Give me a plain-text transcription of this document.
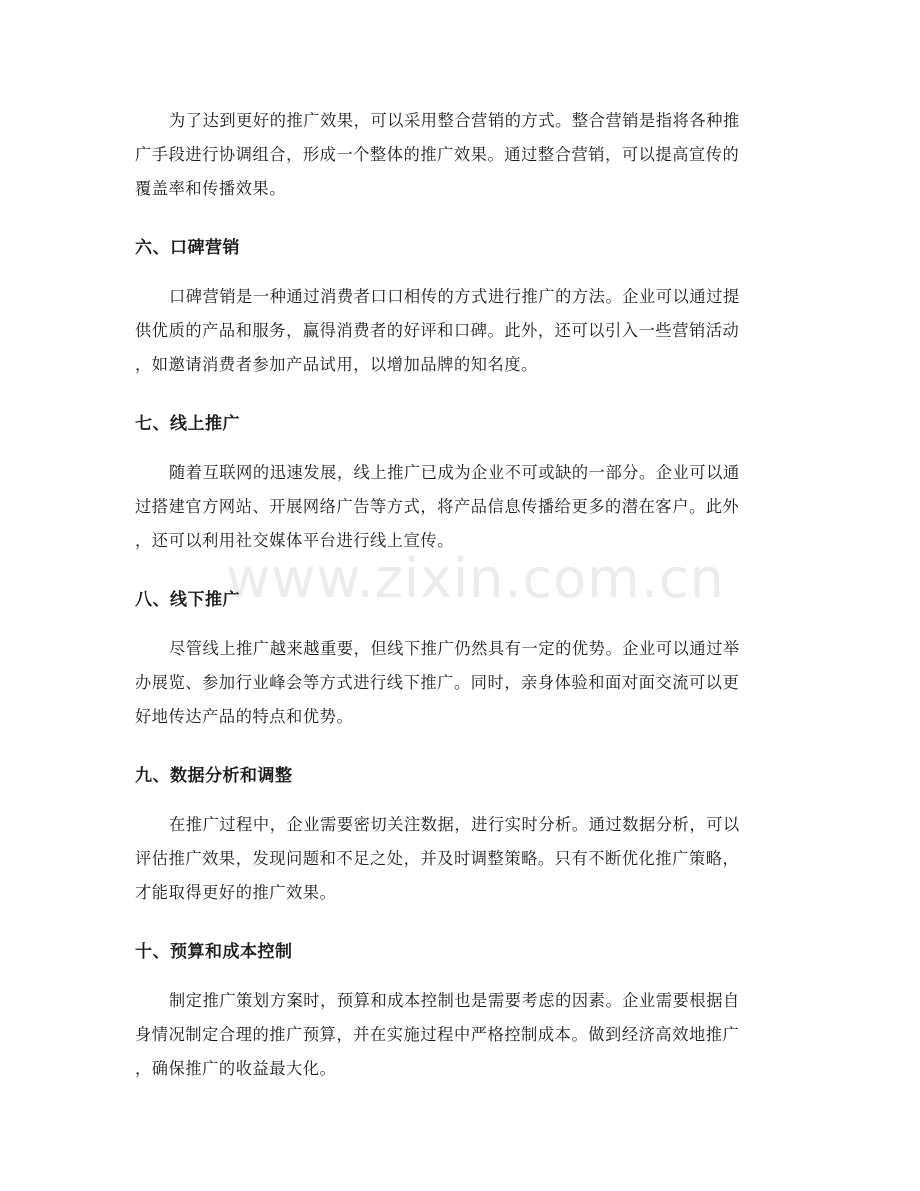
为了达到更好的推广效果，可以采用整合营销的方式。整合营销是指将各种推
广手段进行协调组合，形成一个整体的推广效果。通过整合营销，可以提高宣传的
覆盖率和传播效果。

六、口碑营销

口碑营销是一种通过消费者口口相传的方式进行推广的方法。企业可以通过提
供优质的产品和服务，赢得消费者的好评和口碑。此外，还可以引入一些营销活动
，如邀请消费者参加产品试用，以增加品牌的知名度。

七、线上推广

随着互联网的迅速发展，线上推广已成为企业不可或缺的一部分。企业可以通
过搭建官方网站、开展网络广告等方式，将产品信息传播给更多的潜在客户。此外
，还可以利用社交媒体平台进行线上宣传。

八、线下推广

尽管线上推广越来越重要，但线下推广仍然具有一定的优势。企业可以通过举
办展览、参加行业峰会等方式进行线下推广。同时，亲身体验和面对面交流可以更
好地传达产品的特点和优势。

九、数据分析和调整

在推广过程中，企业需要密切关注数据，进行实时分析。通过数据分析，可以
评估推广效果，发现问题和不足之处，并及时调整策略。只有不断优化推广策略，
才能取得更好的推广效果。

十、预算和成本控制

制定推广策划方案时，预算和成本控制也是需要考虑的因素。企业需要根据自
身情况制定合理的推广预算，并在实施过程中严格控制成本。做到经济高效地推广
，确保推广的收益最大化。

www.zixin.com.cn
